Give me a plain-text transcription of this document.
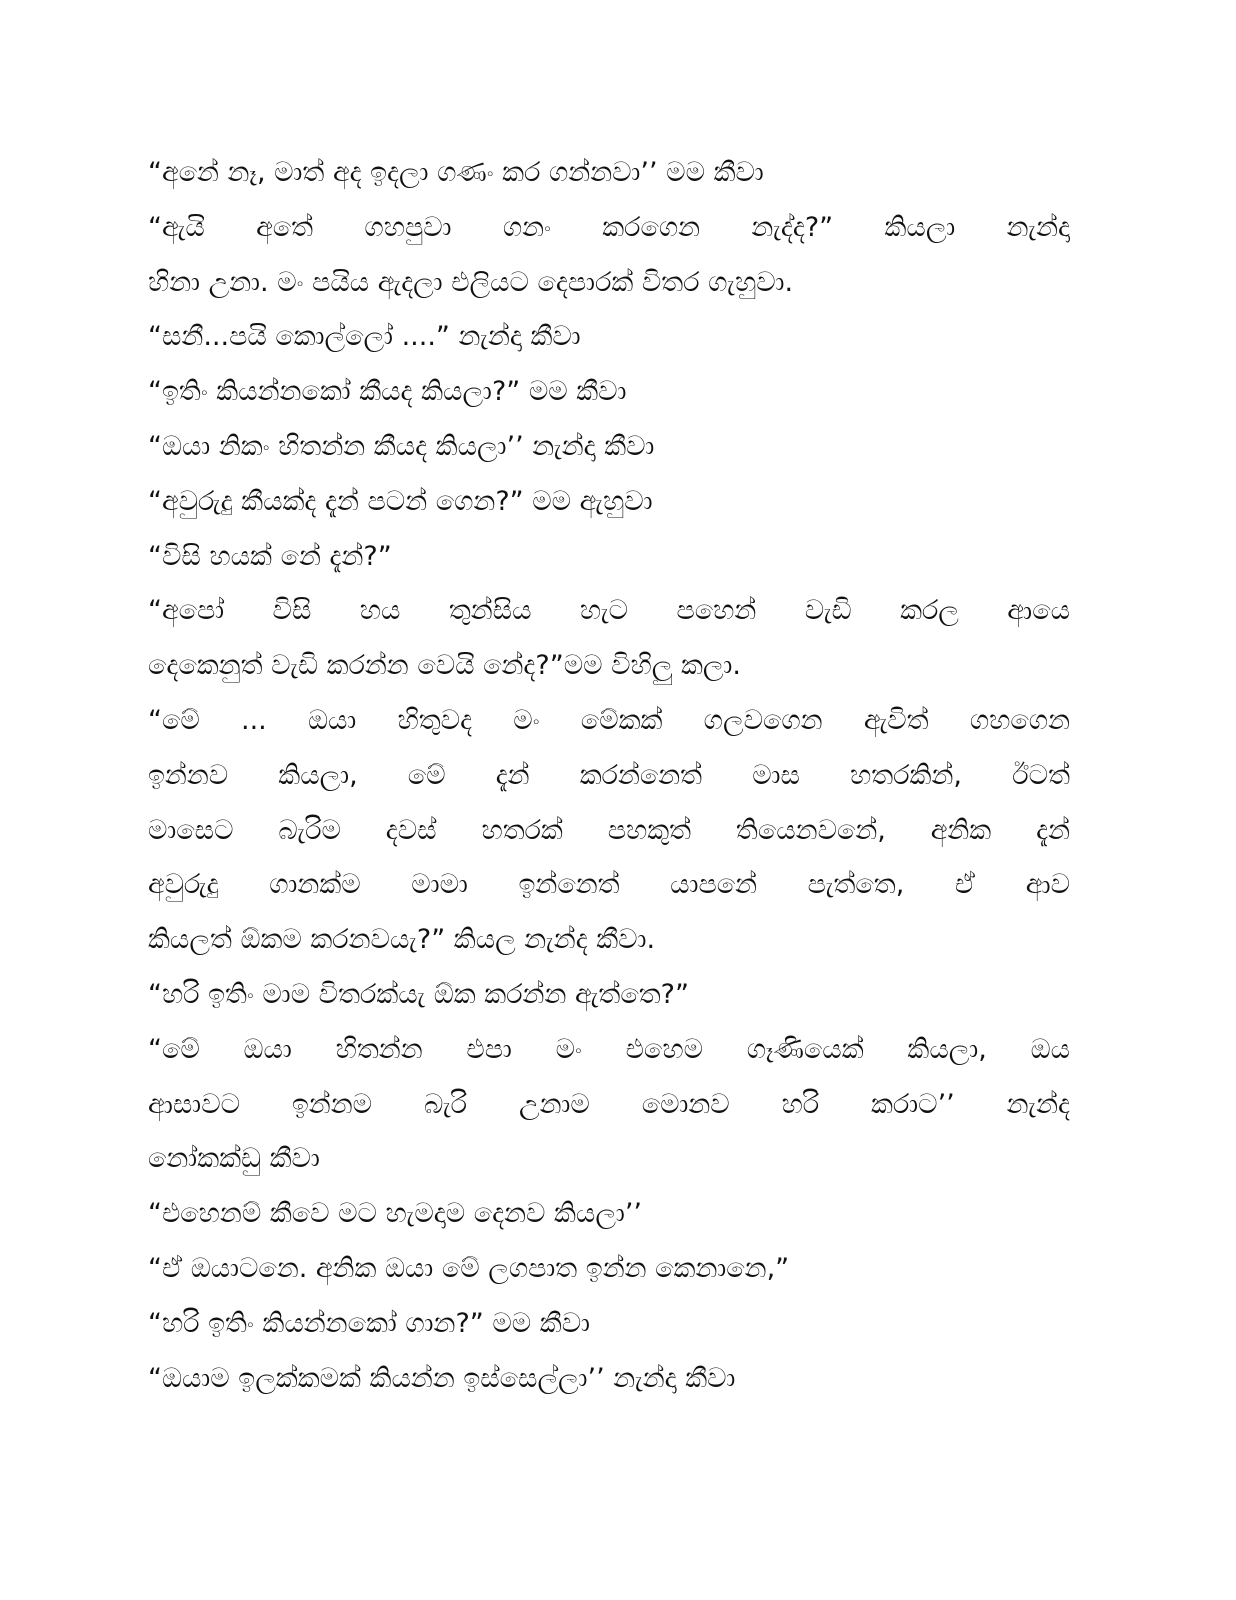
“අනේ නෑ, මාත් අද ඉදලා ගණං කර ගන්නවා’’ මම කීවා
“ඇයි අතේ ගහපුවා ගනං කරගෙන නැද්ද?” කියලා නැන්දා
හිනා උනා. මං පයිය ඇදලා එලියට දෙපාරක් විතර ගැහුවා.
“සනී...පයි කොල්ලෝ ....” නැන්දා කීවා
“ඉතිං කියන්නකෝ කීයද කියලා?” මම කීවා
“ඔයා නිකං හිතන්න කීයද කියලා’’ නැන්දා කීවා
“අවුරුදු කීයක්ද දැන් පටන් ගෙන?” මම ඇහුවා
“විසි හයක් නේ දැන්?”
“අපෝ විසි හය තුන්සිය හැට පහෙන් වැඩි කරල ආයෙ
දෙකෙනුත් වැඩි කරන්න වෙයි නේද?”මම විහිලු කලා.
“මේ ... ඔයා හිතුවද මං මේකක් ගලවගෙන ඇවිත් ගහගෙන
ඉන්නව කියලා, මේ දැන් කරන්නෙත් මාස හතරකින්, ඊටත්
මාසෙට බැරිම දවස් හතරක් පහකුත් තියෙනවනේ, අනික දැන්
අවුරුදු ගානක්ම මාමා ඉන්නෙත් යාපනේ පැත්තෙ, ඒ ආව
කියලත් ඕකම කරනවයැ?” කියල නැන්ද කීවා.
“හරි ඉතිං මාම විතරක්යැ ඕක කරන්න ඇත්තෙ?”
“මේ ඔයා හිතන්න එපා මං එහෙම ගෑණියෙක් කියලා, ඔය
ආසාවට ඉන්නම බැරි උනාම මොනව හරි කරාට’’ නැන්ද
නෝකක්ඩු කීවා
“එහෙනම් කීවෙ මට හැමදාම දෙනව කියලා’’
“ඒ ඔයාටනෙ. අනික ඔයා මේ ලගපාත ඉන්න කෙනානෙ,”
“හරි ඉතිං කියන්නකෝ ගාන?” මම කීවා
“ඔයාම ඉලක්කමක් කියන්න ඉස්සෙල්ලා’’ නැන්දා කීවා
